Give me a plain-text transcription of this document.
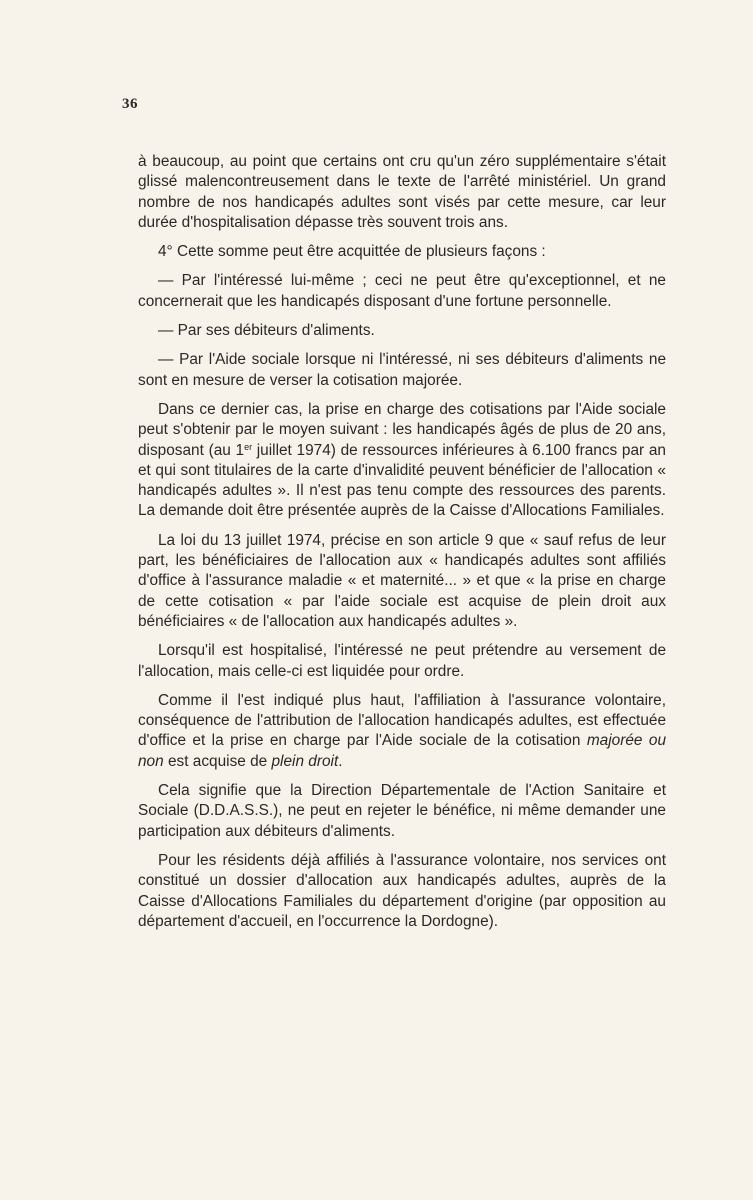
36

à beaucoup, au point que certains ont cru qu'un zéro supplémentaire s'était glissé malencontreusement dans le texte de l'arrêté ministériel. Un grand nombre de nos handicapés adultes sont visés par cette mesure, car leur durée d'hospitalisation dépasse très souvent trois ans.

4° Cette somme peut être acquittée de plusieurs façons :

— Par l'intéressé lui-même ; ceci ne peut être qu'exceptionnel, et ne concernerait que les handicapés disposant d'une fortune personnelle.

— Par ses débiteurs d'aliments.

— Par l'Aide sociale lorsque ni l'intéressé, ni ses débiteurs d'aliments ne sont en mesure de verser la cotisation majorée.

Dans ce dernier cas, la prise en charge des cotisations par l'Aide sociale peut s'obtenir par le moyen suivant : les handicapés âgés de plus de 20 ans, disposant (au 1er juillet 1974) de ressources inférieures à 6.100 francs par an et qui sont titulaires de la carte d'invalidité peuvent bénéficier de l'allocation « handicapés adultes ». Il n'est pas tenu compte des ressources des parents. La demande doit être présentée auprès de la Caisse d'Allocations Familiales.

La loi du 13 juillet 1974, précise en son article 9 que « sauf refus de leur part, les bénéficiaires de l'allocation aux « handicapés adultes sont affiliés d'office à l'assurance maladie « et maternité... » et que « la prise en charge de cette cotisation « par l'aide sociale est acquise de plein droit aux bénéficiaires « de l'allocation aux handicapés adultes ».

Lorsqu'il est hospitalisé, l'intéressé ne peut prétendre au versement de l'allocation, mais celle-ci est liquidée pour ordre.

Comme il l'est indiqué plus haut, l'affiliation à l'assurance volontaire, conséquence de l'attribution de l'allocation handicapés adultes, est effectuée d'office et la prise en charge par l'Aide sociale de la cotisation majorée ou non est acquise de plein droit.

Cela signifie que la Direction Départementale de l'Action Sanitaire et Sociale (D.D.A.S.S.), ne peut en rejeter le bénéfice, ni même demander une participation aux débiteurs d'aliments.

Pour les résidents déjà affiliés à l'assurance volontaire, nos services ont constitué un dossier d'allocation aux handicapés adultes, auprès de la Caisse d'Allocations Familiales du département d'origine (par opposition au département d'accueil, en l'occurrence la Dordogne).
